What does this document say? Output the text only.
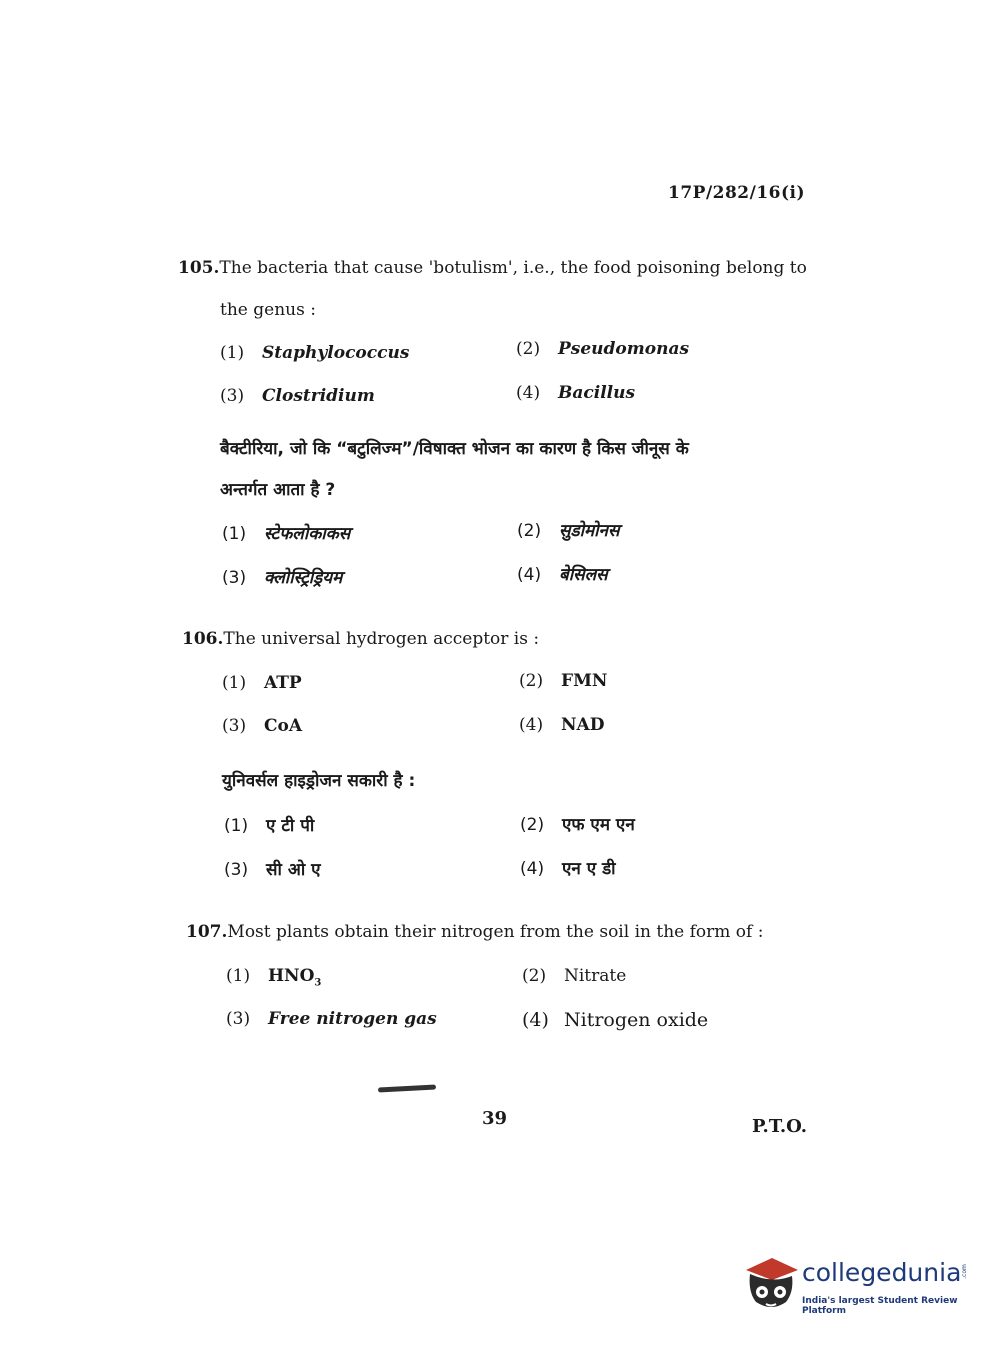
17P/282/16(i)
105.The bacteria that cause 'botulism', i.e., the food poisoning belong to
the genus :
(1) Staphylococcus	(2) Pseudomonas
(3) Clostridium	(4) Bacillus
बैक्टीरिया, जो कि “बटुलिज्म”/विषाक्त भोजन का कारण है किस जीनूस के
अन्तर्गत आता है ?
(1) स्टेफलोकाकस	(2) सुडोमोनस
(3) क्लोस्ट्रिड्रियम	(4) बेसिलस
106.The universal hydrogen acceptor is :
(1) ATP	(2) FMN
(3) CoA	(4) NAD
युनिवर्सल हाइड्रोजन सकारी है :
(1) ए टी पी	(2) एफ एम एन
(3) सी ओ ए	(4) एन ए डी
107.Most plants obtain their nitrogen from the soil in the form of :
(1) $HNO_3$	(2) Nitrate
(3) Free nitrogen gas	(4) Nitrogen oxide
39	P.T.O.
collegedunia .com
India's largest Student Review Platform
